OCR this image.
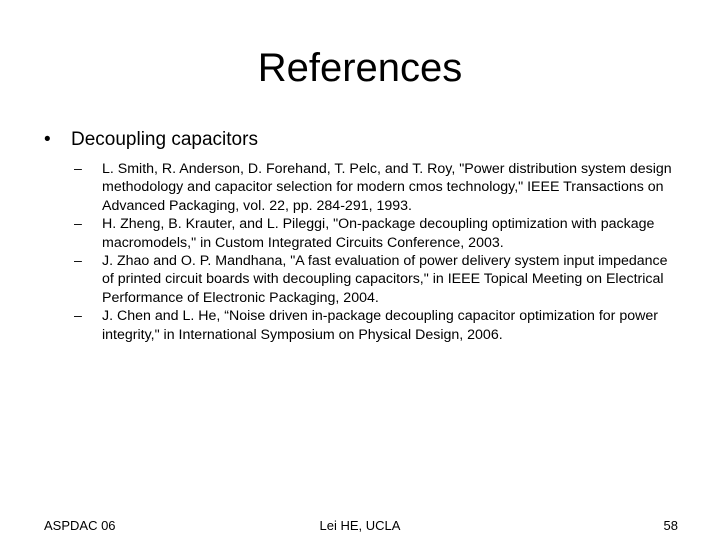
References
•	Decoupling capacitors
–	L. Smith, R. Anderson, D. Forehand, T. Pelc, and T. Roy, "Power distribution system design methodology and capacitor selection for modern cmos technology," IEEE Transactions on Advanced Packaging, vol. 22, pp. 284-291, 1993.
–	H. Zheng, B. Krauter, and L. Pileggi, "On-package decoupling optimization with package macromodels," in Custom Integrated Circuits Conference, 2003.
–	J. Zhao and O. P. Mandhana, "A fast evaluation of power delivery system input impedance of printed circuit boards with decoupling capacitors," in IEEE Topical Meeting on Electrical Performance of Electronic Packaging, 2004.
–	J. Chen and L. He, “Noise driven in-package decoupling capacitor optimization for power integrity," in International Symposium on Physical Design, 2006.
ASPDAC 06	Lei HE, UCLA	58
